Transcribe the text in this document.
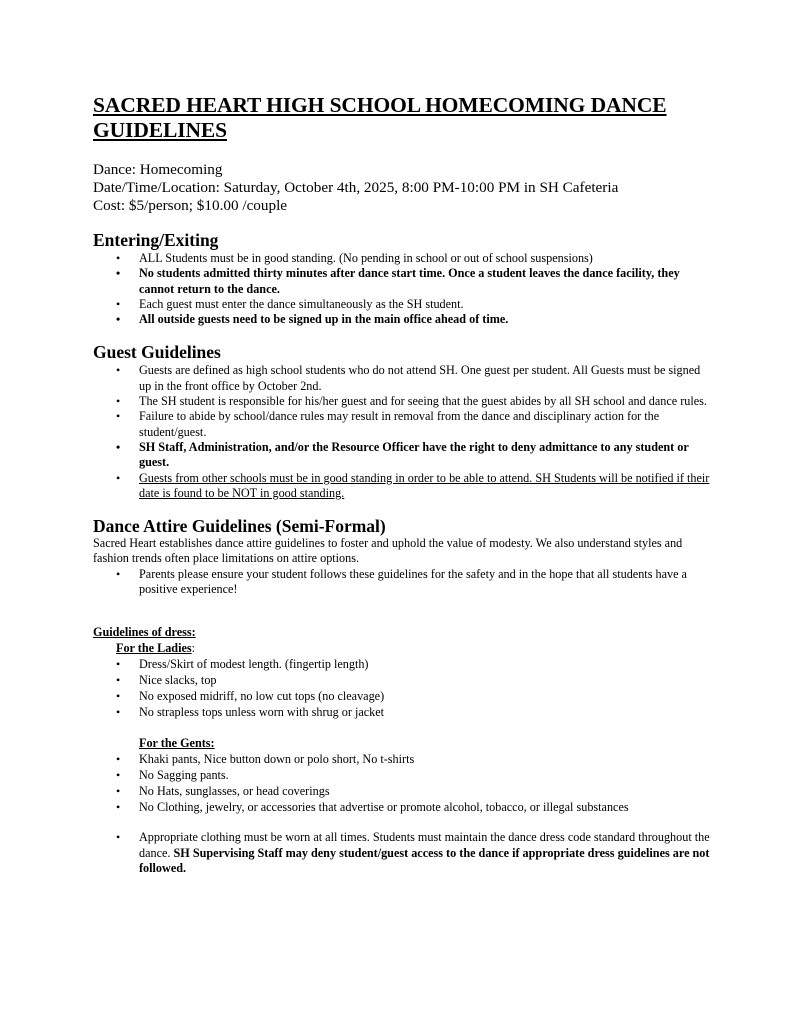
SACRED HEART HIGH SCHOOL HOMECOMING DANCE GUIDELINES

Dance: Homecoming

Date/Time/Location: Saturday, October 4th, 2025, 8:00 PM-10:00 PM in SH Cafeteria

Cost: $5/person; $10.00 /couple

Entering/Exiting
• ALL Students must be in good standing. (No pending in school or out of school suspensions)
• No students admitted thirty minutes after dance start time. Once a student leaves the dance facility, they cannot return to the dance.
• Each guest must enter the dance simultaneously as the SH student.
• All outside guests need to be signed up in the main office ahead of time.
Guest Guidelines
• Guests are defined as high school students who do not attend SH. One guest per student. All Guests must be signed up in the front office by October 2nd.
• The SH student is responsible for his/her guest and for seeing that the guest abides by all SH school and dance rules.
• Failure to abide by school/dance rules may result in removal from the dance and disciplinary action for the student/guest.
• SH Staff, Administration, and/or the Resource Officer have the right to deny admittance to any student or guest.
• Guests from other schools must be in good standing in order to be able to attend. SH Students will be notified if their date is found to be NOT in good standing.
Dance Attire Guidelines (Semi-Formal)

Sacred Heart establishes dance attire guidelines to foster and uphold the value of modesty. We also understand styles and fashion trends often place limitations on attire options.

• Parents please ensure your student follows these guidelines for the safety and in the hope that all students have a positive experience!

Guidelines of dress:

For the Ladies:

• Dress/Skirt of modest length. (fingertip length)
• Nice slacks, top
• No exposed midriff, no low cut tops (no cleavage)
• No strapless tops unless worn with shrug or jacket

For the Gents:

• Khaki pants, Nice button down or polo short, No t-shirts
• No Sagging pants.
• No Hats, sunglasses, or head coverings
• No Clothing, jewelry, or accessories that advertise or promote alcohol, tobacco, or illegal substances
• Appropriate clothing must be worn at all times. Students must maintain the dance dress code standard throughout the dance. SH Supervising Staff may deny student/guest access to the dance if appropriate dress guidelines are not followed.
